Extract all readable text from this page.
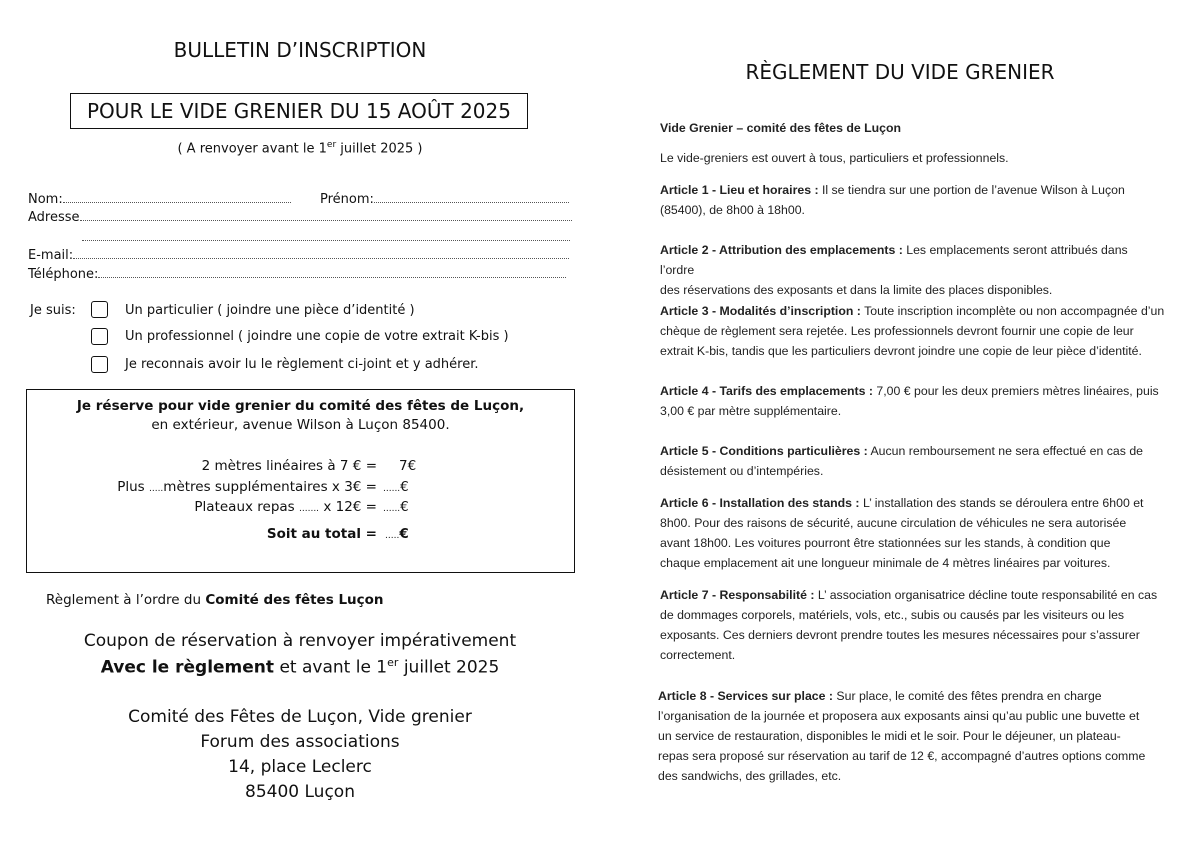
BULLETIN D’INSCRIPTION
POUR LE VIDE GRENIER DU 15 AOÛT 2025
( A renvoyer avant le 1er juillet 2025 )
Nom:	Prénom:
Adresse
E-mail:
Téléphone:
Je suis:	Un particulier ( joindre une pièce d’identité )
Un professionnel ( joindre une copie de votre extrait K-bis )
Je reconnais avoir lu le règlement ci-joint et y adhérer.
Je réserve pour vide grenier du comité des fêtes de Luçon,
en extérieur, avenue Wilson à Luçon 85400.
2 mètres linéaires à 7 € = 7€
Plus .....mètres supplémentaires x 3€ = ......€
Plateaux repas ....... x 12€ = ......€
Soit au total = .....€
Règlement à l’ordre du Comité des fêtes Luçon
Coupon de réservation à renvoyer impérativement
Avec le règlement et avant le 1er juillet 2025
Comité des Fêtes de Luçon, Vide grenier
Forum des associations
14, place Leclerc
85400 Luçon
RÈGLEMENT DU VIDE GRENIER
Vide Grenier – comité des fêtes de Luçon
Le vide-greniers est ouvert à tous, particuliers et professionnels.
Article 1 - Lieu et horaires : Il se tiendra sur une portion de l’avenue Wilson à Luçon
(85400), de 8h00 à 18h00.
Article 2 - Attribution des emplacements : Les emplacements seront attribués dans l’ordre
des réservations des exposants et dans la limite des places disponibles.
Article 3 - Modalités d’inscription : Toute inscription incomplète ou non accompagnée d’un
chèque de règlement sera rejetée. Les professionnels devront fournir une copie de leur
extrait K-bis, tandis que les particuliers devront joindre une copie de leur pièce d’identité.
Article 4 - Tarifs des emplacements : 7,00 € pour les deux premiers mètres linéaires, puis
3,00 € par mètre supplémentaire.
Article 5 - Conditions particulières : Aucun remboursement ne sera effectué en cas de
désistement ou d’intempéries.
Article 6 - Installation des stands : L’ installation des stands se déroulera entre 6h00 et
8h00. Pour des raisons de sécurité, aucune circulation de véhicules ne sera autorisée
avant 18h00. Les voitures pourront être stationnées sur les stands, à condition que
chaque emplacement ait une longueur minimale de 4 mètres linéaires par voitures.
Article 7 - Responsabilité : L’ association organisatrice décline toute responsabilité en cas
de dommages corporels, matériels, vols, etc., subis ou causés par les visiteurs ou les
exposants. Ces derniers devront prendre toutes les mesures nécessaires pour s’assurer
correctement.
Article 8 - Services sur place : Sur place, le comité des fêtes prendra en charge
l’organisation de la journée et proposera aux exposants ainsi qu’au public une buvette et
un service de restauration, disponibles le midi et le soir. Pour le déjeuner, un plateau-
repas sera proposé sur réservation au tarif de 12 €, accompagné d’autres options comme
des sandwichs, des grillades, etc.
